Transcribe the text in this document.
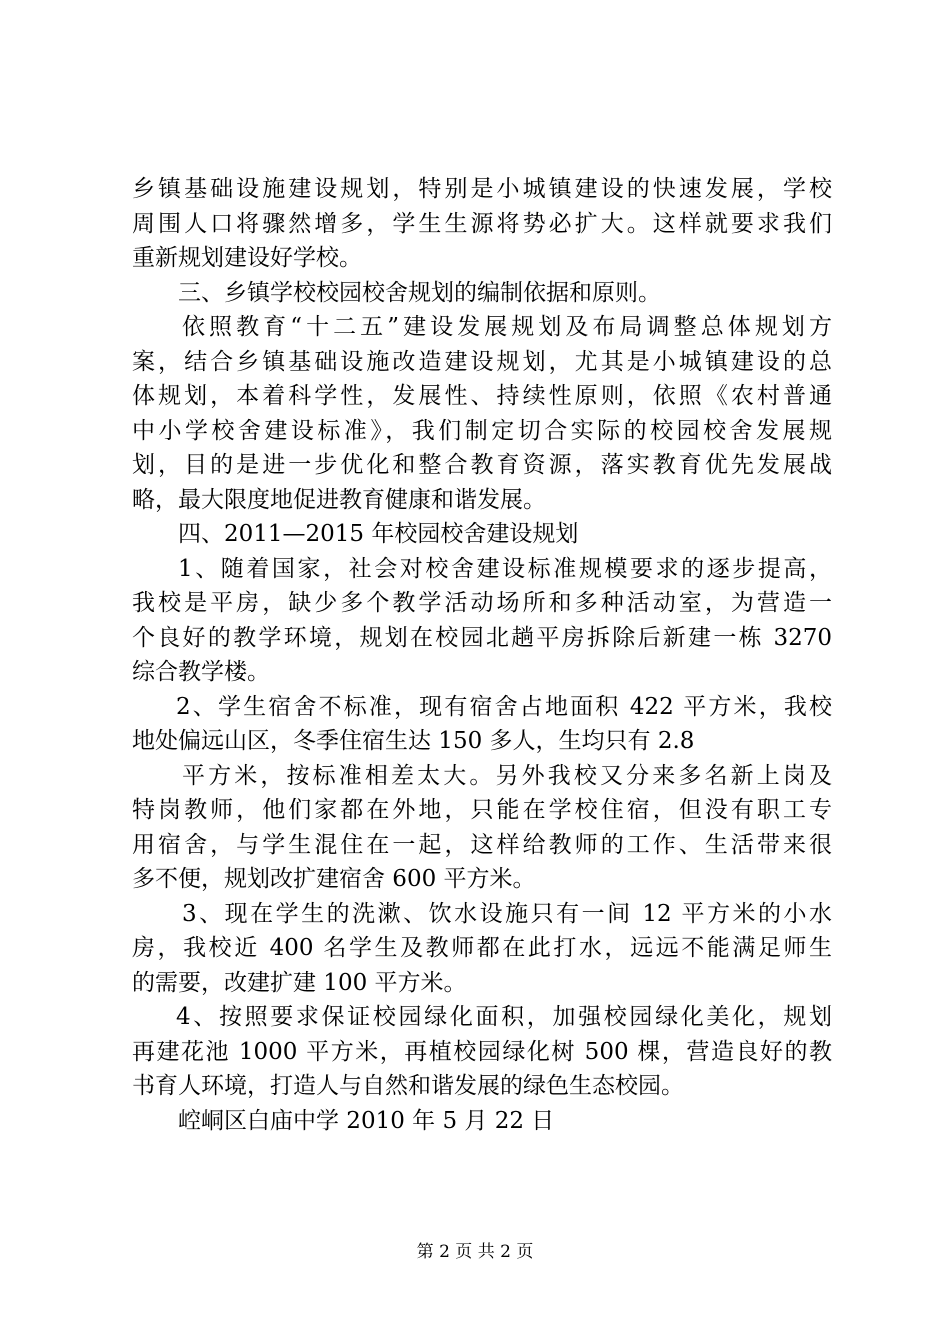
乡镇基础设施建设规划，特别是小城镇建设的快速发展，学校
周围人口将骤然增多，学生生源将势必扩大。这样就要求我们
重新规划建设好学校。
三、乡镇学校校园校舍规划的编制依据和原则。
依照教育“十二五”建设发展规划及布局调整总体规划方
案，结合乡镇基础设施改造建设规划，尤其是小城镇建设的总
体规划，本着科学性，发展性、持续性原则，依照《农村普通
中小学校舍建设标准》，我们制定切合实际的校园校舍发展规
划，目的是进一步优化和整合教育资源，落实教育优先发展战
略，最大限度地促进教育健康和谐发展。
四、2011—2015 年校园校舍建设规划
1、随着国家，社会对校舍建设标准规模要求的逐步提高，
我校是平房，缺少多个教学活动场所和多种活动室，为营造一
个良好的教学环境，规划在校园北趟平房拆除后新建一栋 3270
综合教学楼。
2、学生宿舍不标准，现有宿舍占地面积 422 平方米，我校
地处偏远山区，冬季住宿生达 150 多人，生均只有 2.8
平方米，按标准相差太大。另外我校又分来多名新上岗及
特岗教师，他们家都在外地，只能在学校住宿，但没有职工专
用宿舍，与学生混住在一起，这样给教师的工作、生活带来很
多不便，规划改扩建宿舍 600 平方米。
3、现在学生的洗漱、饮水设施只有一间 12 平方米的小水
房，我校近 400 名学生及教师都在此打水，远远不能满足师生
的需要，改建扩建 100 平方米。
4、按照要求保证校园绿化面积，加强校园绿化美化，规划
再建花池 1000 平方米，再植校园绿化树 500 棵，营造良好的教
书育人环境，打造人与自然和谐发展的绿色生态校园。
崆峒区白庙中学 2010 年 5 月 22 日
第 2 页 共 2 页
